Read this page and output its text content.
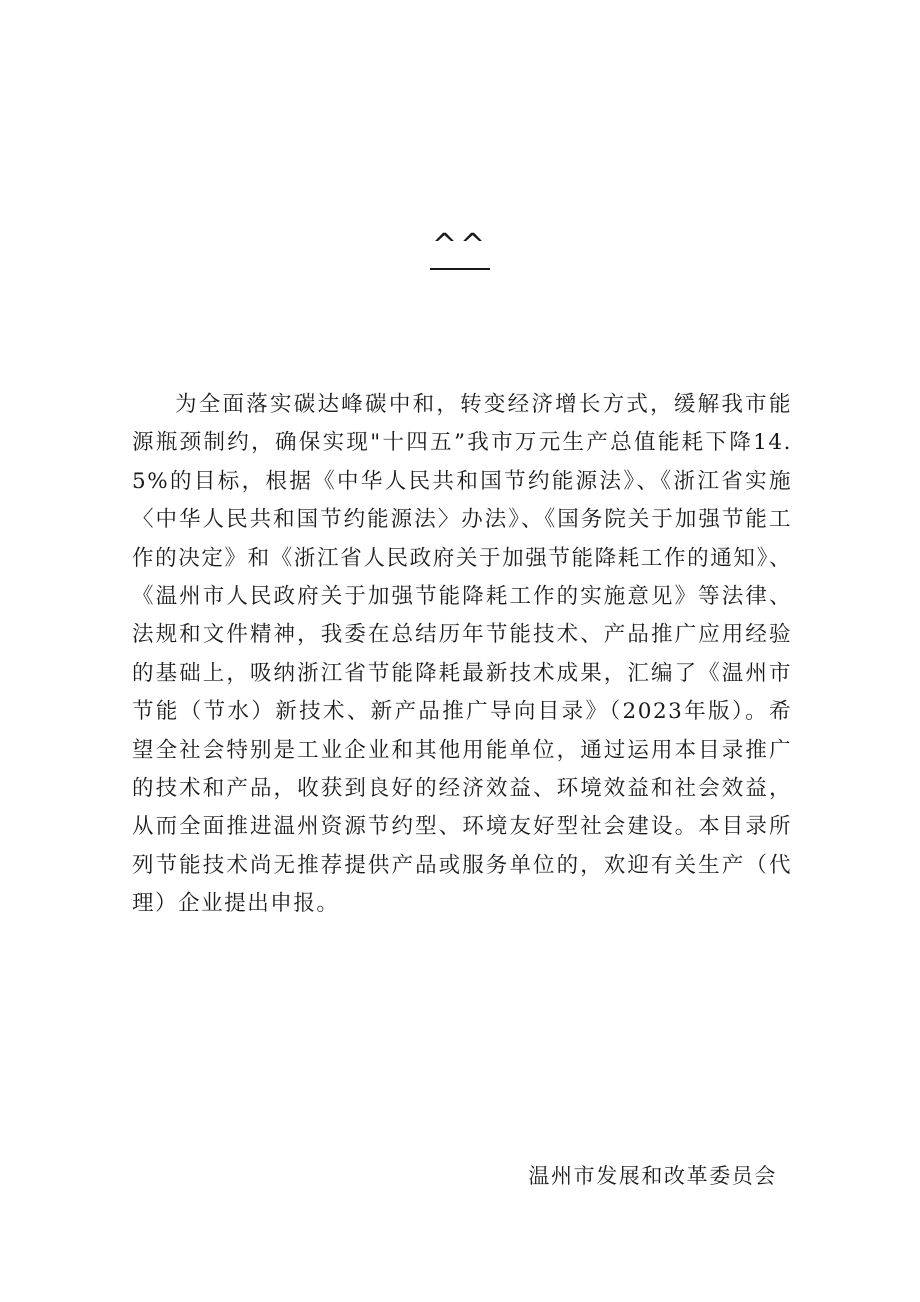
^^

为全面落实碳达峰碳中和，转变经济增长方式，缓解我市能源瓶颈制约，确保实现"十四五”我市万元生产总值能耗下降14.5%的目标，根据《中华人民共和国节约能源法》、《浙江省实施〈中华人民共和国节约能源法〉办法》、《国务院关于加强节能工作的决定》和《浙江省人民政府关于加强节能降耗工作的通知》、《温州市人民政府关于加强节能降耗工作的实施意见》等法律、法规和文件精神，我委在总结历年节能技术、产品推广应用经验的基础上，吸纳浙江省节能降耗最新技术成果，汇编了《温州市节能（节水）新技术、新产品推广导向目录》（2023年版）。希望全社会特别是工业企业和其他用能单位，通过运用本目录推广的技术和产品，收获到良好的经济效益、环境效益和社会效益，从而全面推进温州资源节约型、环境友好型社会建设。本目录所列节能技术尚无推荐提供产品或服务单位的，欢迎有关生产（代理）企业提出申报。

温州市发展和改革委员会
